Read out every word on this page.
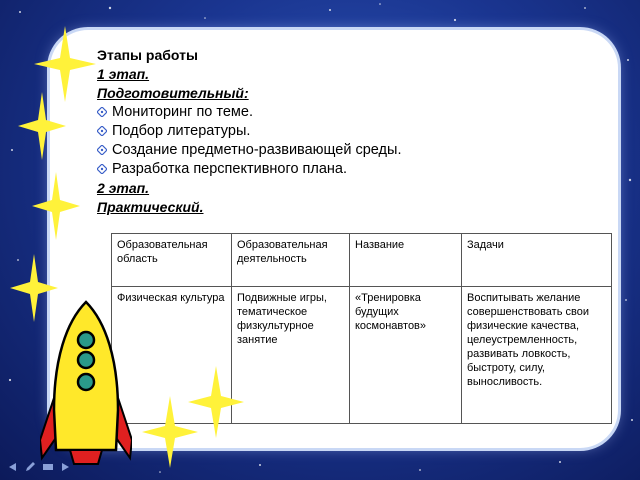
Этапы работы
1 этап.
Подготовительный:
Мониторинг по теме.
Подбор литературы.
Создание предметно-развивающей среды.
Разработка перспективного плана.
2 этап.
Практический.
Образовательная область	Образовательная деятельность	Название	Задачи
Физическая культура	Подвижные игры, тематическое физкультурное занятие	«Тренировка будущих космонавтов»	Воспитывать желание совершенствовать свои физические качества, целеустремленность, развивать ловкость, быстроту, силу, выносливость.
